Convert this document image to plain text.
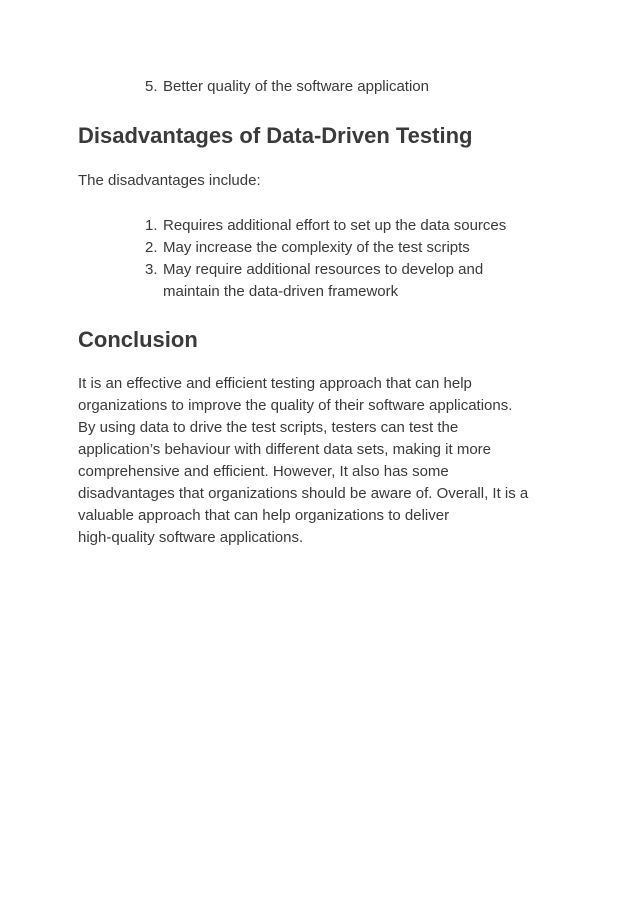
5. Better quality of the software application
Disadvantages of Data-Driven Testing

The disadvantages include:

1. Requires additional effort to set up the data sources
2. May increase the complexity of the test scripts
3. May require additional resources to develop and
maintain the data-driven framework
Conclusion

It is an effective and efficient testing approach that can help
organizations to improve the quality of their software applications.
By using data to drive the test scripts, testers can test the
application’s behaviour with different data sets, making it more
comprehensive and efficient. However, It also has some
disadvantages that organizations should be aware of. Overall, It is a
valuable approach that can help organizations to deliver
high-quality software applications.
